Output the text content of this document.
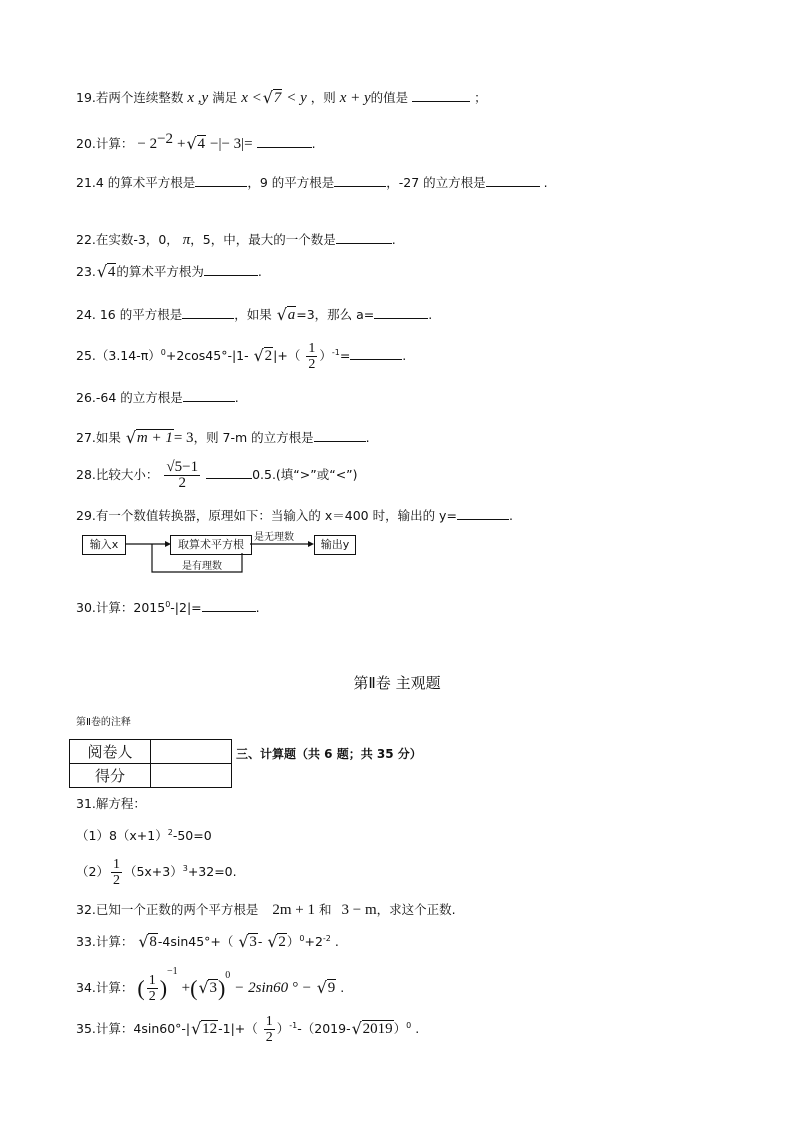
19.若两个连续整数 x ,y 满足 x <√ 7 < y ，则 x + y的值是	；
20.计算： − $2^{-2}$ +√ 4 −|− 3|=	.
21.4 的算术平方根是	，9 的平方根是	，-27 的立方根是	.
22.在实数-3，0， π，5，中，最大的一个数是	.
23.√ 4的算术平方根为	.
24. 16 的平方根是	，如果 √ a=3，那么 a=	.
$25.(3.14-\pi)^0+2\cos 45^\circ-|1-$ √ $2|+( \frac{1}{2} )^{-1}=$	.
26.-64 的立方根是	.
27.如果 √ m + 1= 3，则 7-m 的立方根是	.
28.比较大小： $\frac{√5-1}{2}$	0.5.(填“>”或“<”)
29.有一个数值转换器，原理如下：当输入的 x＝400 时，输出的 y=	.
输入x	取算术平方根
是无理数
是有理数
输出y
30.计算：$2015^0-|2|=$	.
第Ⅱ卷 主观题
第Ⅱ卷的注释
阅卷人	
得分	
三、计算题（共 6 题；共 35 分）
31.解方程：
$(1)8(x+1)^2-50=0$
$(2) \frac{1}{2} (5x+3)^3+32=0$.
32.已知一个正数的两个平方根是 2m + 1 和 3 − m，求这个正数.
33.计算： √ 8-4sin45°+（ √ 3- √ $2)^0+2^{-2}$ .
34.计算： ( $\frac{1}{2} )^{-1}$ +(√ 3)$^0$ − 2sin60 ° − √ 9 .
35.计算：4sin60°-|√ $12-1|+( \frac{1}{2} )^{-1}-(2019-√$ 2019）$^0$ .
